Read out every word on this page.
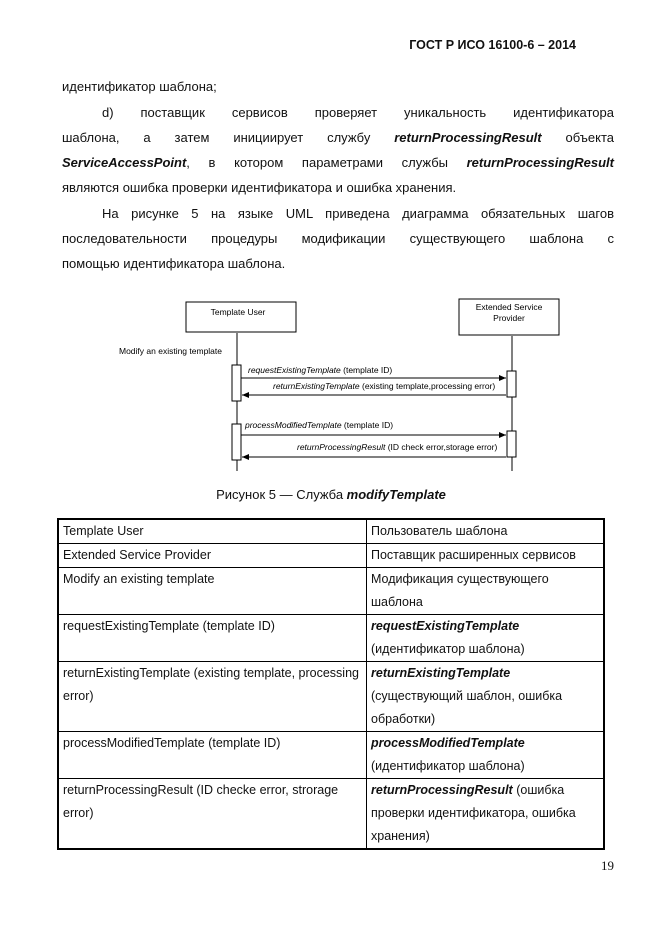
ГОСТ Р ИСО 16100-6 – 2014
идентификатор шаблона;
d) поставщик сервисов проверяет уникальность идентификатора
шаблона, а затем инициирует службу returnProcessingResult объекта
ServiceAccessPoint, в котором параметрами службы returnProcessingResult
являются ошибка проверки идентификатора и ошибка хранения.
На рисунке 5 на языке UML приведена диаграмма обязательных шагов
последовательности процедуры модификации существующего шаблона с
помощью идентификатора шаблона.
Template User	Extended Service
Provider
Modify an existing template
requestExistingTemplate (template ID)
returnExistingTemplate (existing template,processing error)
processModifiedTemplate (template ID)
returnProcessingResult (ID check error,storage error)
Рисунок 5 — Служба modifyTemplate
Template User	Пользователь шаблона
Extended Service Provider	Поставщик расширенных сервисов
Modify an existing template	Модификация существующего шаблона
requestExistingTemplate (template ID)	requestExistingTemplate (идентификатор шаблона)
returnExistingTemplate (existing template, processing error)	returnExistingTemplate (существующий шаблон, ошибка обработки)
processModifiedTemplate (template ID)	processModifiedTemplate (идентификатор шаблона)
returnProcessingResult (ID checke error, strorage error)	returnProcessingResult (ошибка проверки идентификатора, ошибка хранения)
19
